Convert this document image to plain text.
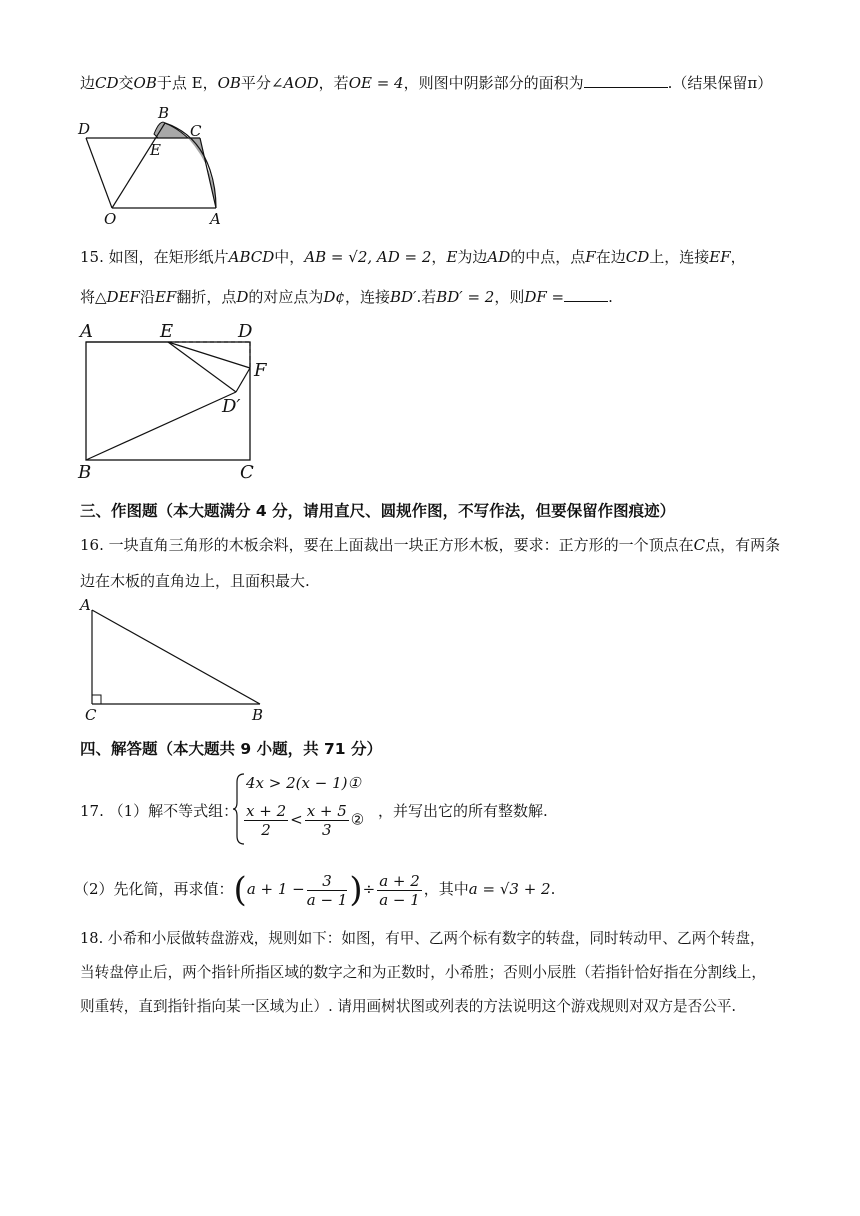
边CD交OB于点 E，OB平分∠AOD，若OE = 4，则图中阴影部分的面积为	.（结果保留π）
D
B
C
E
O	A
15. 如图，在矩形纸片ABCD中，AB = √2, AD = 2，E为边AD的中点，点F在边CD上，连接EF，
将△DEF沿EF翻折，点D的对应点为D¢，连接BD′.若BD′ = 2，则DF =	.
A	E	D
F
D′
B	C
三、作图题（本大题满分 4 分，请用直尺、圆规作图，不写作法，但要保留作图痕迹）
16. 一块直角三角形的木板余料，要在上面裁出一块正方形木板，要求：正方形的一个顶点在C点，有两条
边在木板的直角边上，且面积最大.
A
C	B
四、解答题（本大题共 9 小题，共 71 分）
17. （1）解不等式组：
4x > 2(x − 1)①
$\frac{x + 2}{2} < \frac{x + 5}{3}$ ② ，并写出它的所有整数解.
（2）先化简，再求值：($a + 1 - \frac{3}{a - 1}$ )÷ $\frac{a + 2}{a - 1}$ ，其中a = √3 + 2.
18. 小希和小辰做转盘游戏，规则如下：如图，有甲、乙两个标有数字的转盘，同时转动甲、乙两个转盘，
当转盘停止后，两个指针所指区域的数字之和为正数时，小希胜；否则小辰胜（若指针恰好指在分割线上，
则重转，直到指针指向某一区域为止）. 请用画树状图或列表的方法说明这个游戏规则对双方是否公平.
